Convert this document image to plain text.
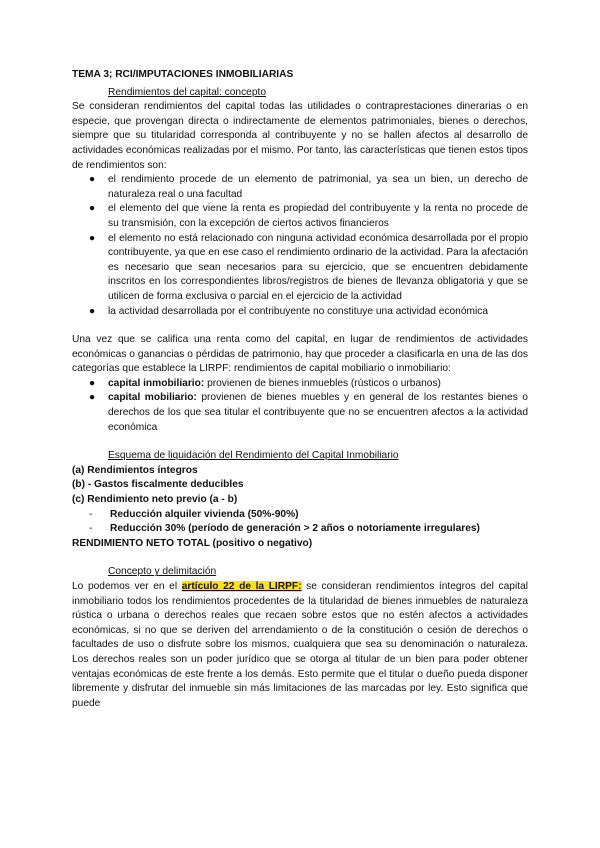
TEMA 3; RCI/IMPUTACIONES INMOBILIARIAS
Rendimientos del capital: concepto

Se consideran rendimientos del capital todas las utilidades o contraprestaciones dinerarias o en especie, que provengan directa o indirectamente de elementos patrimoniales, bienes o derechos, siempre que su titularidad corresponda al contribuyente y no se hallen afectos al desarrollo de actividades económicas realizadas por el mismo. Por tanto, las características que tienen estos tipos de rendimientos son:

● el rendimiento procede de un elemento de patrimonial, ya sea un bien, un derecho de naturaleza real o una facultad
● el elemento del que viene la renta es propiedad del contribuyente y la renta no procede de su transmisión, con la excepción de ciertos activos financieros
● el elemento no está relacionado con ninguna actividad económica desarrollada por el propio contribuyente, ya que en ese caso el rendimiento ordinario de la actividad. Para la afectación es necesario que sean necesarios para su ejercicio, que se encuentren debidamente inscritos en los correspondientes libros/registros de bienes de llevanza obligatoria y que se utilicen de forma exclusiva o parcial en el ejercicio de la actividad
● la actividad desarrollada por el contribuyente no constituye una actividad económica

Una vez que se califica una renta como del capital, en lugar de rendimientos de actividades económicas o ganancias o pérdidas de patrimonio, hay que proceder a clasificarla en una de las dos categorías que establece la LIRPF: rendimientos de capital mobiliario o inmobiliario:

● capital inmobiliario: provienen de bienes inmuebles (rústicos o urbanos)
● capital mobiliario: provienen de bienes muebles y en general de los restantes bienes o derechos de los que sea titular el contribuyente que no se encuentren afectos a la actividad económica
Esquema de liquidación del Rendimiento del Capital Inmobiliario
(a) Rendimientos íntegros
(b) - Gastos fiscalmente deducibles
(c) Rendimiento neto previo (a - b)
- Reducción alquiler vivienda (50%-90%)
- Reducción 30% (período de generación > 2 años o notoriamente irregulares)
RENDIMIENTO NETO TOTAL (positivo o negativo)
Concepto y delimitación

Lo podemos ver en el artículo 22 de la LIRPF: se consideran rendimientos íntegros del capital inmobiliario todos los rendimientos procedentes de la titularidad de bienes inmuebles de naturaleza rústica o urbana o derechos reales que recaen sobre estos que no estén afectos a actividades económicas, si no que se deriven del arrendamiento o de la constitución o cesión de derechos o facultades de uso o disfrute sobre los mismos, cualquiera que sea su denominación o naturaleza. Los derechos reales son un poder jurídico que se otorga al titular de un bien para poder obtener ventajas económicas de este frente a los demás. Esto permite que el titular o dueño pueda disponer libremente y disfrutar del inmueble sin más limitaciones de las marcadas por ley. Esto significa que puede
